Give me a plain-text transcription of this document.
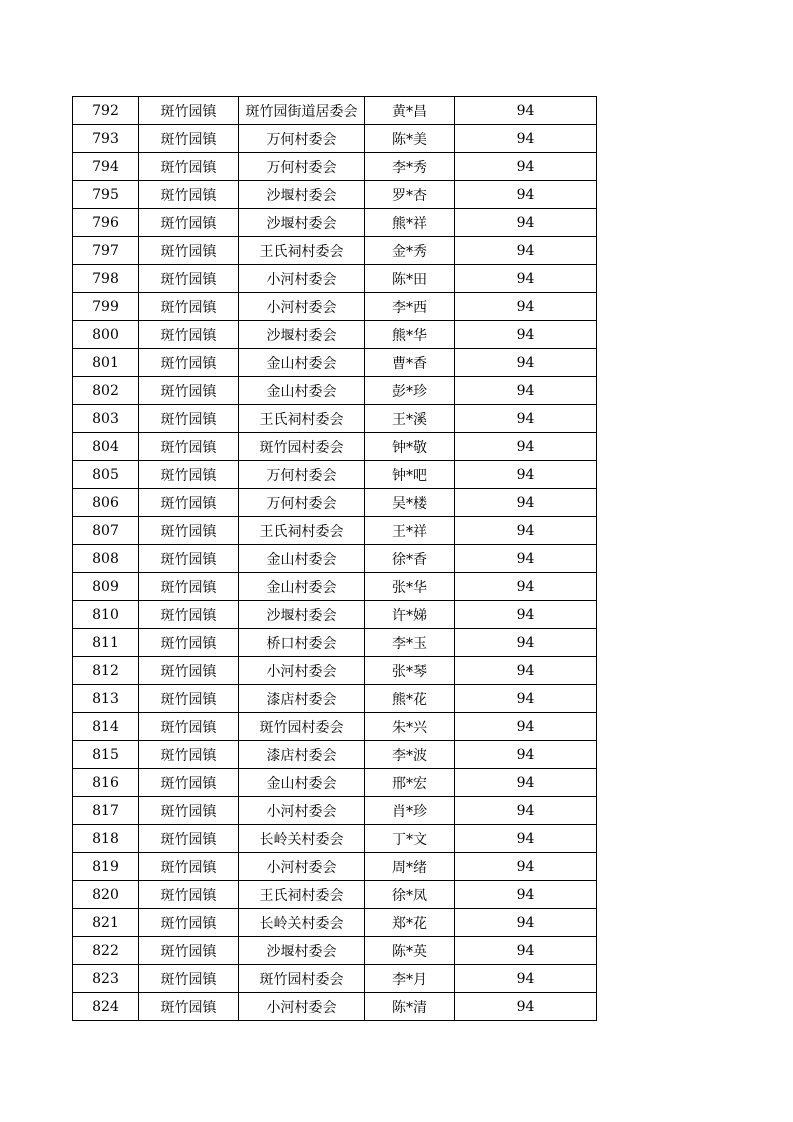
792	斑竹园镇	斑竹园街道居委会	黄*昌	94
793	斑竹园镇	万何村委会	陈*美	94
794	斑竹园镇	万何村委会	李*秀	94
795	斑竹园镇	沙堰村委会	罗*杏	94
796	斑竹园镇	沙堰村委会	熊*祥	94
797	斑竹园镇	王氏祠村委会	金*秀	94
798	斑竹园镇	小河村委会	陈*田	94
799	斑竹园镇	小河村委会	李*西	94
800	斑竹园镇	沙堰村委会	熊*华	94
801	斑竹园镇	金山村委会	曹*香	94
802	斑竹园镇	金山村委会	彭*珍	94
803	斑竹园镇	王氏祠村委会	王*溪	94
804	斑竹园镇	斑竹园村委会	钟*敬	94
805	斑竹园镇	万何村委会	钟*吧	94
806	斑竹园镇	万何村委会	吴*楼	94
807	斑竹园镇	王氏祠村委会	王*祥	94
808	斑竹园镇	金山村委会	徐*香	94
809	斑竹园镇	金山村委会	张*华	94
810	斑竹园镇	沙堰村委会	许*娣	94
811	斑竹园镇	桥口村委会	李*玉	94
812	斑竹园镇	小河村委会	张*琴	94
813	斑竹园镇	漆店村委会	熊*花	94
814	斑竹园镇	斑竹园村委会	朱*兴	94
815	斑竹园镇	漆店村委会	李*波	94
816	斑竹园镇	金山村委会	邢*宏	94
817	斑竹园镇	小河村委会	肖*珍	94
818	斑竹园镇	长岭关村委会	丁*文	94
819	斑竹园镇	小河村委会	周*绪	94
820	斑竹园镇	王氏祠村委会	徐*凤	94
821	斑竹园镇	长岭关村委会	郑*花	94
822	斑竹园镇	沙堰村委会	陈*英	94
823	斑竹园镇	斑竹园村委会	李*月	94
824	斑竹园镇	小河村委会	陈*清	94
